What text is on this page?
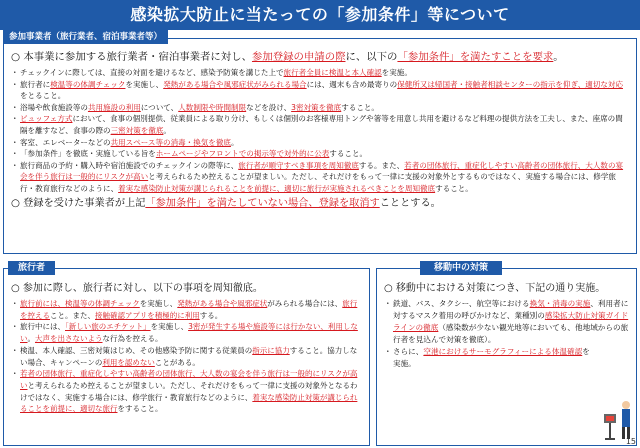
感染拡大防止に当たっての「参加条件」等について
○ 本事業に参加する旅行業者・宿泊事業者に対し、参加登録の申請の際に、以下の「参加条件」を満たすことを要求。
・ チェックインに際しては、直接の対面を避けるなど、感染予防策を講じた上で旅行者全員に検温と本人確認を実施。
・ 旅行者に検温等の体調チェックを実施し、発熱がある場合や風邪症状がみられる場合には、週末も含め最寄りの保健所又は帰国者・接触者相談センターの指示を仰ぎ、適切な対応をとること。
・ 浴場や飲食施設等の共用施設の利用について、人数制限や時間制限などを設け、3密対策を徹底すること。
・ ビュッフェ方式において、食事の個別提供、従業員による取り分け、もしくは個別のお客様専用トングや箸等を用意し共用を避けるなど料理の提供方法を工夫し、また、座席の間隔を離すなど、食事の際の三密対策を徹底。
・ 客室、エレベーターなどの共用スペース等の消毒・換気を徹底。
・ 「参加条件」を徹底・実施している旨をホームページやフロントでの掲示等で対外的に公表すること。
・ 旅行商品の予約・購入時や宿泊施設でのチェックインの際等に、旅行者が順守すべき事項を周知徹底する。また、若者の団体旅行、重症化しやすい高齢者の団体旅行、大人数の宴会を伴う旅行は一般的にリスクが高いと考えられるため控えることが望ましい。ただし、それだけをもって一律に支援の対象外とするものではなく、実施する場合には、修学旅行・教育旅行などのように、着実な感染防止対策が講じられることを前提に、適切に旅行が実施されるべきことを周知徹底すること。
○ 登録を受けた事業者が上記「参加条件」を満たしていない場合、登録を取消すこととする。
参加事業者（旅行業者、宿泊事業者等）
○ 参加に際し、旅行者に対し、以下の事項を周知徹底。
・ 旅行前には、検温等の体調チェックを実施し、発熱がある場合や風邪症状がみられる場合には、旅行を控えること。また、接触確認アプリを積極的に利用する。
・ 旅行中には、「新しい旅のエチケット」を実施し、3密が発生する場や施設等には行かない、利用しない。大声を出さないような行為を控える。
・ 検温、本人確認、三密対策はじめ、その他感染予防に関する従業員の指示に協力すること。協力しない場合、キャンペーンの利用を認めないことがある。
・ 若者の団体旅行、重症化しやすい高齢者の団体旅行、大人数の宴会を伴う旅行は一般的にリスクが高いと考えられるため控えることが望ましい。ただし、それだけをもって一律に支援の対象外となるわけではなく、実施する場合には、修学旅行・教育旅行などのように、着実な感染防止対策が講じられることを前提に、適切な旅行をすること。
旅行者
○ 移動中における対策につき、下記の通り実施。
・ 鉄道、バス、タクシー、航空等における換気・消毒の実施、利用者に対するマスク着用の呼びかけなど、業種別の感染拡大防止対策ガイドラインの徹底（感染数が少ない観光地等においても、他地域からの旅行者を見込んで対策を徹底）。
・ さらに、空港におけるサーモグラフィーによる体温確認を実施。
移動中の対策
15
